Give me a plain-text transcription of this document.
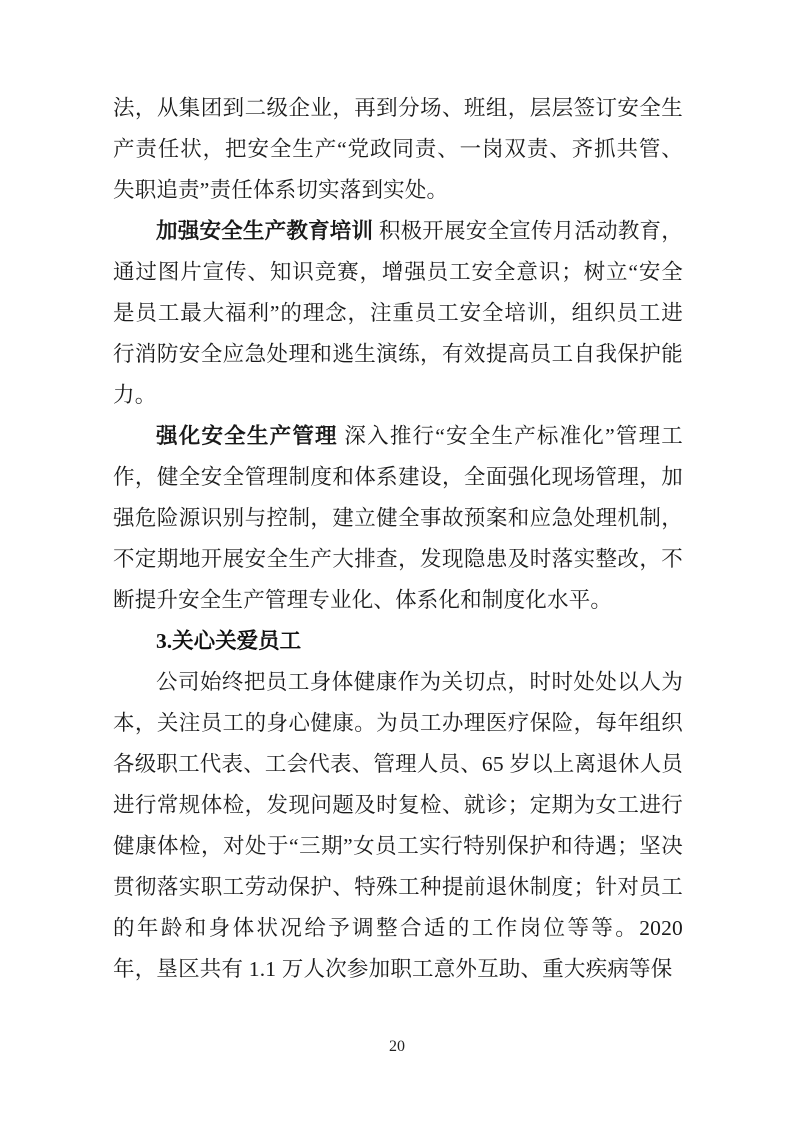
法，从集团到二级企业，再到分场、班组，层层签订安全生产责任状，把安全生产“党政同责、一岗双责、齐抓共管、失职追责”责任体系切实落到实处。

加强安全生产教育培训 积极开展安全宣传月活动教育，通过图片宣传、知识竞赛，增强员工安全意识；树立“安全是员工最大福利”的理念，注重员工安全培训，组织员工进行消防安全应急处理和逃生演练，有效提高员工自我保护能力。

强化安全生产管理 深入推行“安全生产标准化”管理工作，健全安全管理制度和体系建设，全面强化现场管理，加强危险源识别与控制，建立健全事故预案和应急处理机制，不定期地开展安全生产大排查，发现隐患及时落实整改，不断提升安全生产管理专业化、体系化和制度化水平。

3.关心关爱员工

公司始终把员工身体健康作为关切点，时时处处以人为本，关注员工的身心健康。为员工办理医疗保险，每年组织各级职工代表、工会代表、管理人员、65 岁以上离退休人员进行常规体检，发现问题及时复检、就诊；定期为女工进行健康体检，对处于“三期”女员工实行特别保护和待遇；坚决贯彻落实职工劳动保护、特殊工种提前退休制度；针对员工的年龄和身体状况给予调整合适的工作岗位等等。2020 年，垦区共有 1.1 万人次参加职工意外互助、重大疾病等保

20
